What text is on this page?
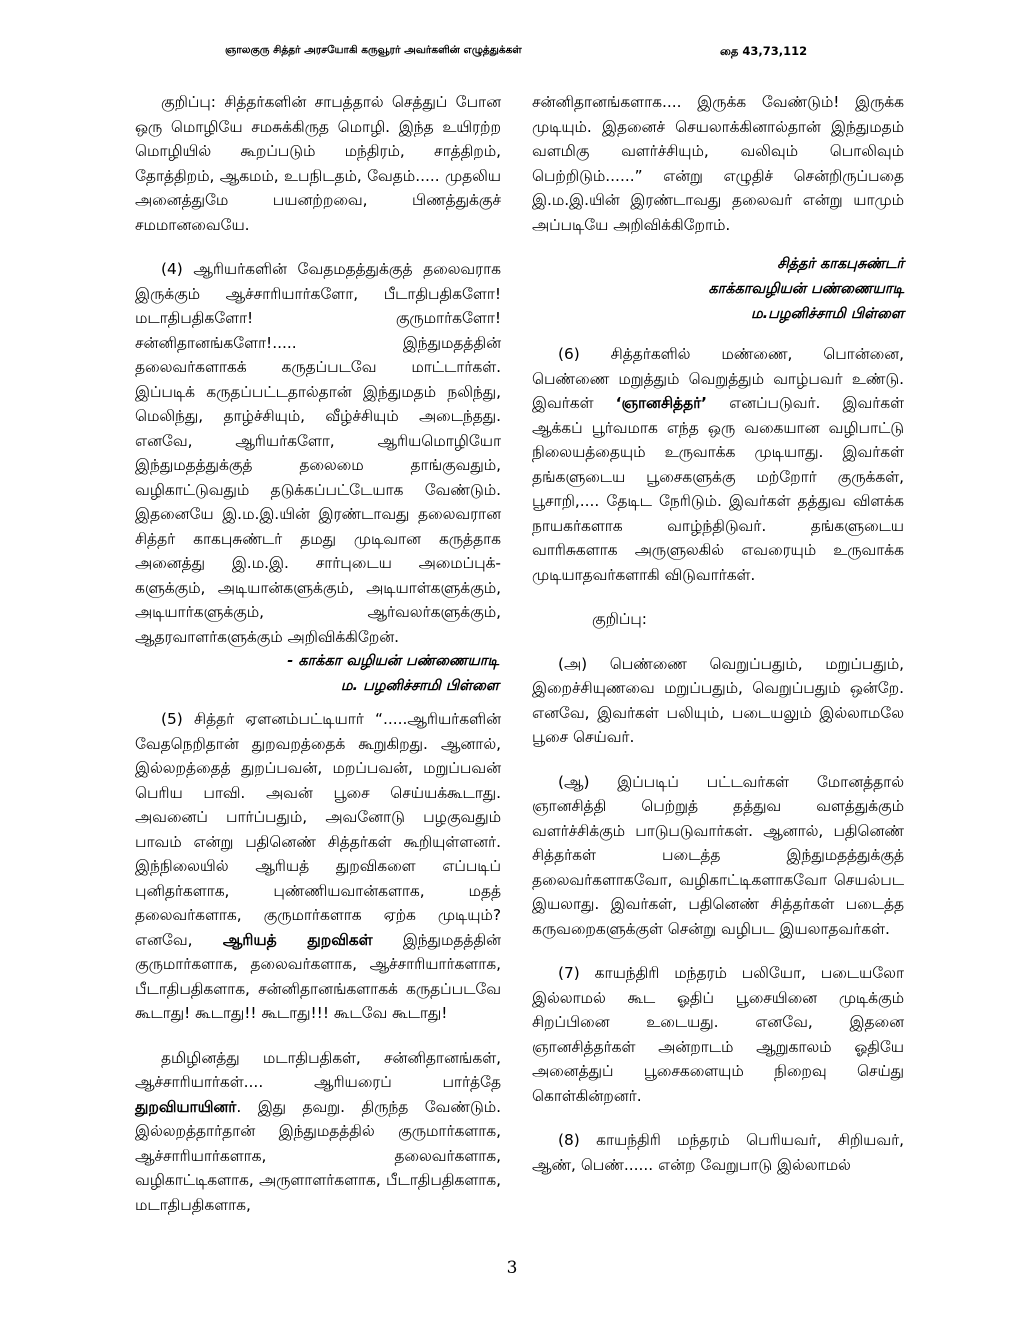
ஞாலகுரு சித்தர் அரசயோகி கருவூரர் அவர்களின் எழுத்துக்கள்	தை 43,73,112

குறிப்பு: சித்தர்களின் சாபத்தால் செத்துப் போன ஒரு மொழியே சமசுக்கிருத மொழி. இந்த உயிரற்ற மொழியில் கூறப்படும் மந்திரம், சாத்திறம், தோத்திறம், ஆகமம், உபநிடதம், வேதம்..... முதலிய அனைத்துமே பயனற்றவை, பிணத்துக்குச் சமமானவையே.

(4) ஆரியர்களின் வேதமதத்துக்குத் தலைவராக இருக்கும் ஆச்சாரியார்களோ, பீடாதிபதிகளோ! மடாதிபதிகளோ! குருமார்களோ! சன்னிதானங்களோ!..... இந்துமதத்தின் தலைவர்களாகக் கருதப்படவே மாட்டார்கள். இப்படிக் கருதப்பட்டதால்தான் இந்துமதம் நலிந்து, மெலிந்து, தாழ்ச்சியும், வீழ்ச்சியும் அடைந்தது. எனவே, ஆரியர்களோ, ஆரியமொழியோ இந்துமதத்துக்குத் தலைமை தாங்குவதும், வழிகாட்டுவதும் தடுக்கப்பட்டேயாக வேண்டும். இதனையே இ.ம.இ.யின் இரண்டாவது தலைவரான சித்தர் காகபுசுண்டர் தமது முடிவான கருத்தாக அனைத்து இ.ம.இ. சார்புடைய அமைப்புக்-களுக்கும், அடியான்களுக்கும், அடியாள்களுக்கும், அடியார்களுக்கும், ஆர்வலர்களுக்கும், ஆதரவாளர்களுக்கும் அறிவிக்கிறேன்.

- காக்கா வழியன் பண்ணையாடி
ம. பழனிச்சாமி பிள்ளை

(5) சித்தர் ஏளனம்பட்டியார் “.....ஆரியர்களின் வேதநெறிதான் துறவறத்தைக் கூறுகிறது. ஆனால், இல்லறத்தைத் துறப்பவன், மறப்பவன், மறுப்பவன் பெரிய பாவி. அவன் பூசை செய்யக்கூடாது. அவனைப் பார்ப்பதும், அவனோடு பழகுவதும் பாவம் என்று பதினெண் சித்தர்கள் கூறியுள்ளனர். இந்நிலையில் ஆரியத் துறவிகளை எப்படிப் புனிதர்களாக, புண்ணியவான்களாக, மதத் தலைவர்களாக, குருமார்களாக ஏற்க முடியும்? எனவே, ஆரியத் துறவிகள் இந்துமதத்தின் குருமார்களாக, தலைவர்களாக, ஆச்சாரியார்களாக, பீடாதிபதிகளாக, சன்னிதானங்களாகக் கருதப்படவே கூடாது! கூடாது!! கூடாது!!! கூடவே கூடாது!

தமிழினத்து மடாதிபதிகள், சன்னிதானங்கள், ஆச்சாரியார்கள்.... ஆரியரைப் பார்த்தே துறவியாயினர். இது தவறு. திருந்த வேண்டும். இல்லறத்தார்தான் இந்துமதத்தில் குருமார்களாக, ஆச்சாரியார்களாக, தலைவர்களாக, வழிகாட்டிகளாக, அருளாளர்களாக, பீடாதிபதிகளாக, மடாதிபதிகளாக,

சன்னிதானங்களாக.... இருக்க வேண்டும்! இருக்க முடியும். இதனைச் செயலாக்கினால்தான் இந்துமதம் வளமிகு வளர்ச்சியும், வலிவும் பொலிவும் பெற்றிடும்......” என்று எழுதிச் சென்றிருப்பதை இ.ம.இ.யின் இரண்டாவது தலைவர் என்று யாமும் அப்படியே அறிவிக்கிறோம்.

சித்தர் காகபுசுண்டர்
காக்காவழியன் பண்ணையாடி
ம.பழனிச்சாமி பிள்ளை

(6) சித்தர்களில் மண்ணை, பொன்னை, பெண்ணை மறுத்தும் வெறுத்தும் வாழ்பவர் உண்டு. இவர்கள் ‘ஞானசித்தர்’ எனப்படுவர். இவர்கள் ஆக்கப் பூர்வமாக எந்த ஒரு வகையான வழிபாட்டு நிலையத்தையும் உருவாக்க முடியாது. இவர்கள் தங்களுடைய பூசைகளுக்கு மற்றோர் குருக்கள், பூசாறி,.... தேடிட நேரிடும். இவர்கள் தத்துவ விளக்க நாயகர்களாக வாழ்ந்திடுவர். தங்களுடைய வாரிசுகளாக அருளுலகில் எவரையும் உருவாக்க முடியாதவர்களாகி விடுவார்கள்.

குறிப்பு:

(அ) பெண்ணை வெறுப்பதும், மறுப்பதும், இறைச்சியுணவை மறுப்பதும், வெறுப்பதும் ஒன்றே. எனவே, இவர்கள் பலியும், படையலும் இல்லாமலே பூசை செய்வர்.

(ஆ) இப்படிப் பட்டவர்கள் மோனத்தால் ஞானசித்தி பெற்றுத் தத்துவ வளத்துக்கும் வளர்ச்சிக்கும் பாடுபடுவார்கள். ஆனால், பதினெண் சித்தர்கள் படைத்த இந்துமதத்துக்குத் தலைவர்களாகவோ, வழிகாட்டிகளாகவோ செயல்பட இயலாது. இவர்கள், பதினெண் சித்தர்கள் படைத்த கருவறைகளுக்குள் சென்று வழிபட இயலாதவர்கள்.

(7) காயந்திரி மந்தரம் பலியோ, படையலோ இல்லாமல் கூட ஓதிப் பூசையினை முடிக்கும் சிறப்பினை உடையது. எனவே, இதனை ஞானசித்தர்கள் அன்றாடம் ஆறுகாலம் ஓதியே அனைத்துப் பூசைகளையும் நிறைவு செய்து கொள்கின்றனர்.

(8) காயந்திரி மந்தரம் பெரியவர், சிறியவர், ஆண், பெண்...... என்ற வேறுபாடு இல்லாமல்

3
